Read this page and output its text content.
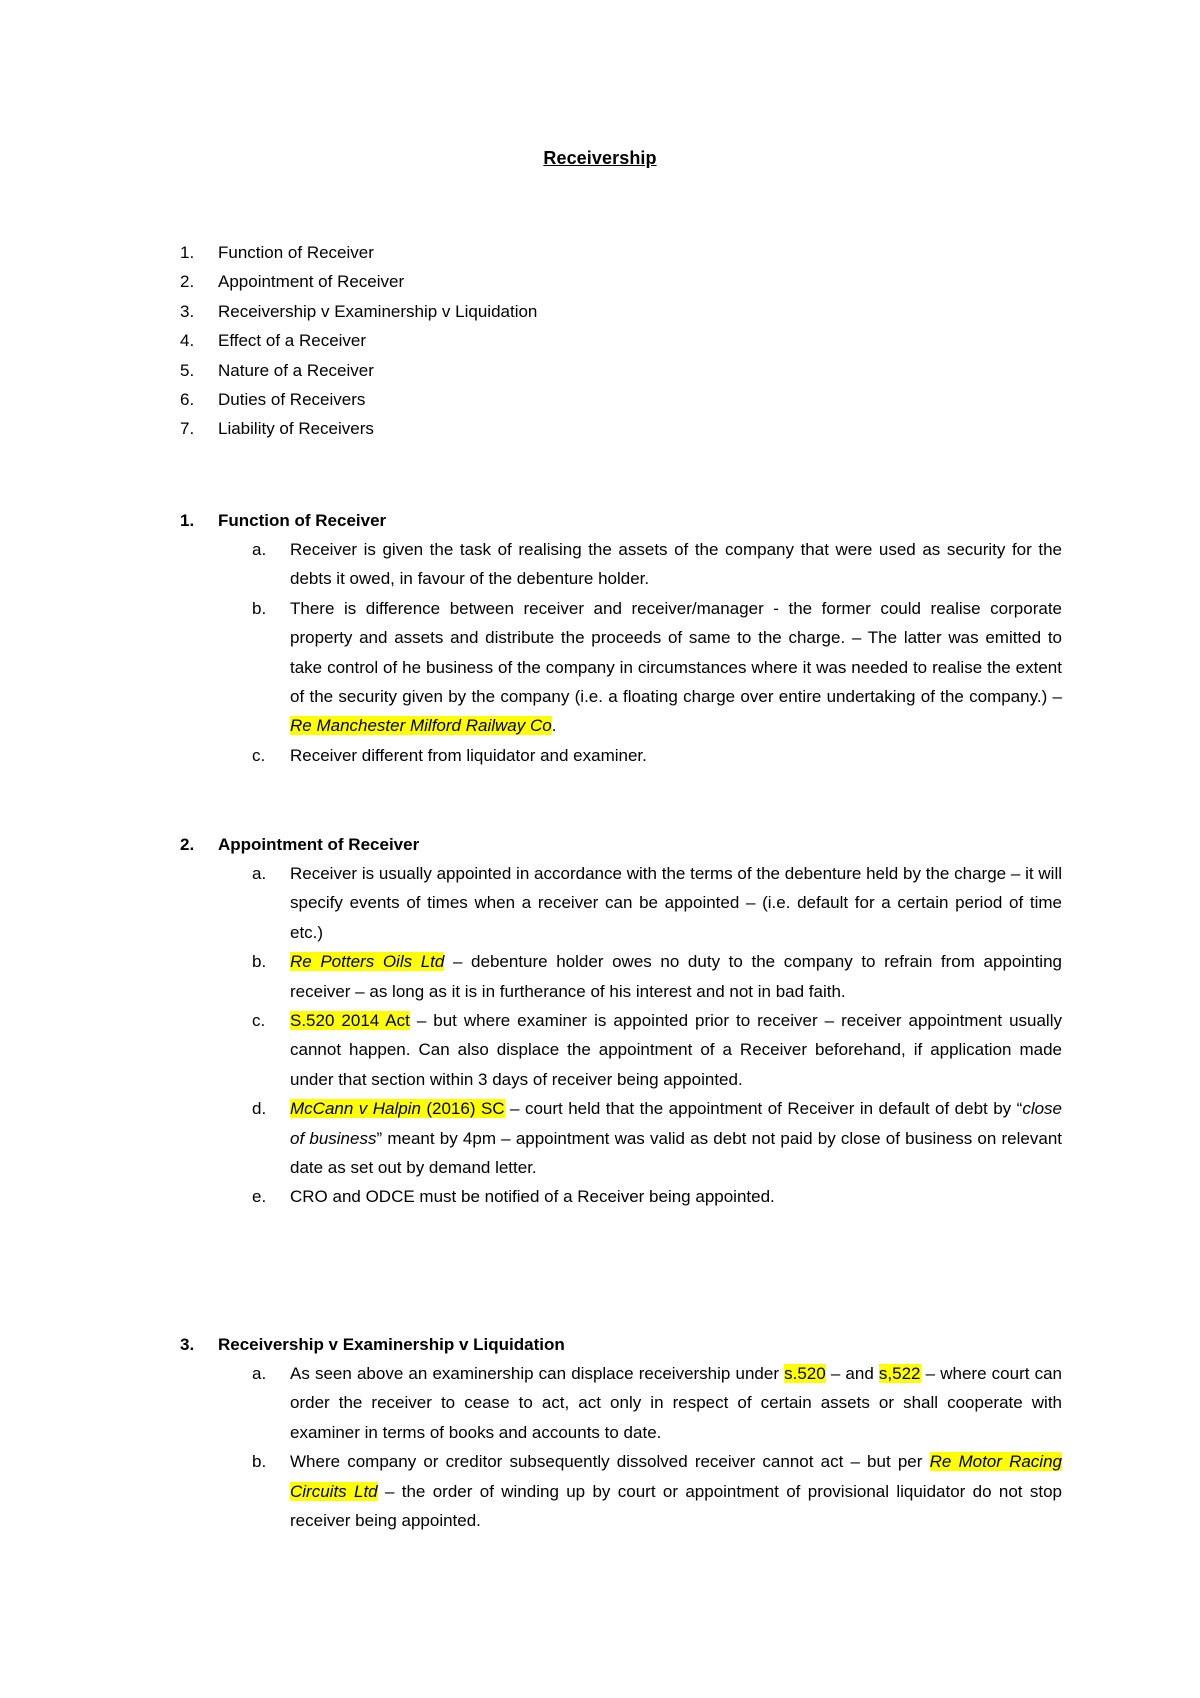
Receivership
1. Function of Receiver
2. Appointment of Receiver
3. Receivership v Examinership v Liquidation
4. Effect of a Receiver
5. Nature of a Receiver
6. Duties of Receivers
7. Liability of Receivers
1. Function of Receiver
a. Receiver is given the task of realising the assets of the company that were used as security for the debts it owed, in favour of the debenture holder.
b. There is difference between receiver and receiver/manager - the former could realise corporate property and assets and distribute the proceeds of same to the charge. – The latter was emitted to take control of he business of the company in circumstances where it was needed to realise the extent of the security given by the company (i.e. a floating charge over entire undertaking of the company.) – Re Manchester Milford Railway Co.
c. Receiver different from liquidator and examiner.
2. Appointment of Receiver
a. Receiver is usually appointed in accordance with the terms of the debenture held by the charge – it will specify events of times when a receiver can be appointed – (i.e. default for a certain period of time etc.)
b. Re Potters Oils Ltd – debenture holder owes no duty to the company to refrain from appointing receiver – as long as it is in furtherance of his interest and not in bad faith.
c. S.520 2014 Act – but where examiner is appointed prior to receiver – receiver appointment usually cannot happen. Can also displace the appointment of a Receiver beforehand, if application made under that section within 3 days of receiver being appointed.
d. McCann v Halpin (2016) SC – court held that the appointment of Receiver in default of debt by “close of business” meant by 4pm – appointment was valid as debt not paid by close of business on relevant date as set out by demand letter.
e. CRO and ODCE must be notified of a Receiver being appointed.
3. Receivership v Examinership v Liquidation
a. As seen above an examinership can displace receivership under s.520 – and s,522 – where court can order the receiver to cease to act, act only in respect of certain assets or shall cooperate with examiner in terms of books and accounts to date.
b. Where company or creditor subsequently dissolved receiver cannot act – but per Re Motor Racing Circuits Ltd – the order of winding up by court or appointment of provisional liquidator do not stop receiver being appointed.
